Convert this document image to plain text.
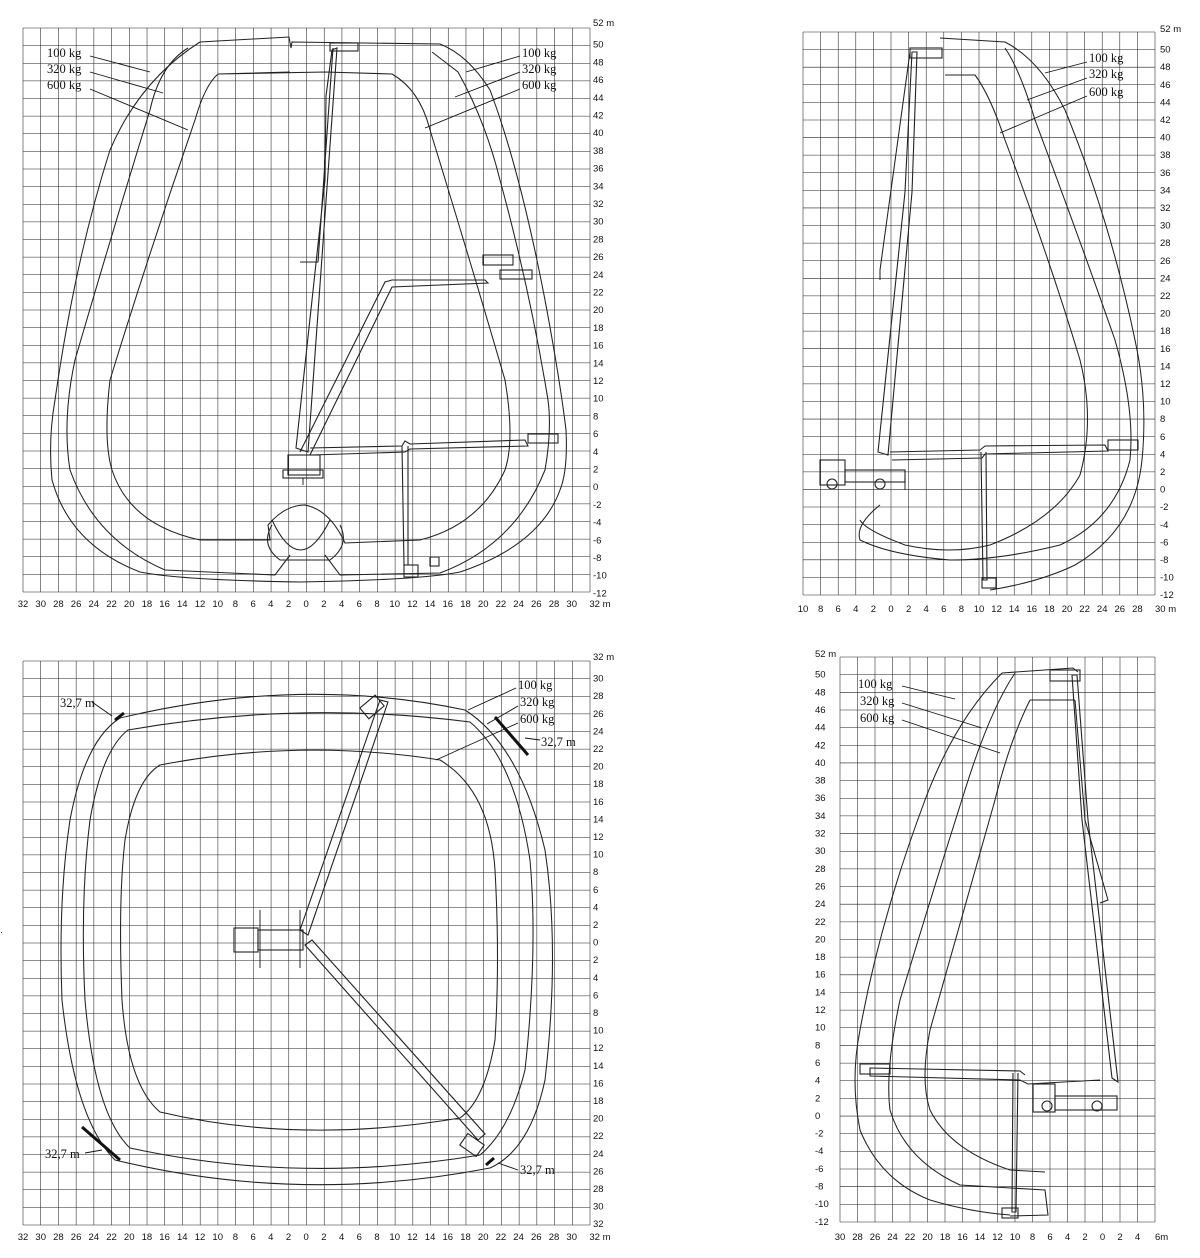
52 m
50
48
46
44
42
40
38
36
34
32
30
28
26
24
22
20
18
16
14
12
10
8
6
4
2
0
-2
-4
-6
-8
-10
-12
32 30 28 26 24 22 20 18 16 14 12 10 8 6 4 2 0 2 4 6 8 10 12 14 16 18 20 22 24 26 28 30 32 m
100 kg
320 kg
600 kg
100 kg
320 kg
600 kg
52 m
50
48
46
44
42
40
38
36
34
32
30
28
26
24
22
20
18
16
14
12
10
8
6
4
2
0
-2
-4
-6
-8
-10
-12
10 8 6 4 2 0 2 4 6 8 10 12 14 16 18 20 22 24 26 28 30 m
100 kg
320 kg
600 kg
32 m
30
28
26
24
22
20
18
16
14
12
10
8
6
4
2
0
2
4
6
8
10
12
14
16
18
20
22
24
26
28
30
32
32 30 28 26 24 22 20 18 16 14 12 10 8 6 4 2 0 2 4 6 8 10 12 14 16 18 20 22 24 26 28 30 32 m
100 kg
320 kg
600 kg
32,7 m
32,7 m
32,7 m
32,7 m
52 m
50
48
46
44
42
40
38
36
34
32
30
28
26
24
22
20
18
16
14
12
10
8
6
4
2
0
-2
-4
-6
-8
-10
-12
30 28 26 24 22 20 18 16 14 12 10 8 6 4 2 0 2 4 6m
100 kg
320 kg
600 kg
·
